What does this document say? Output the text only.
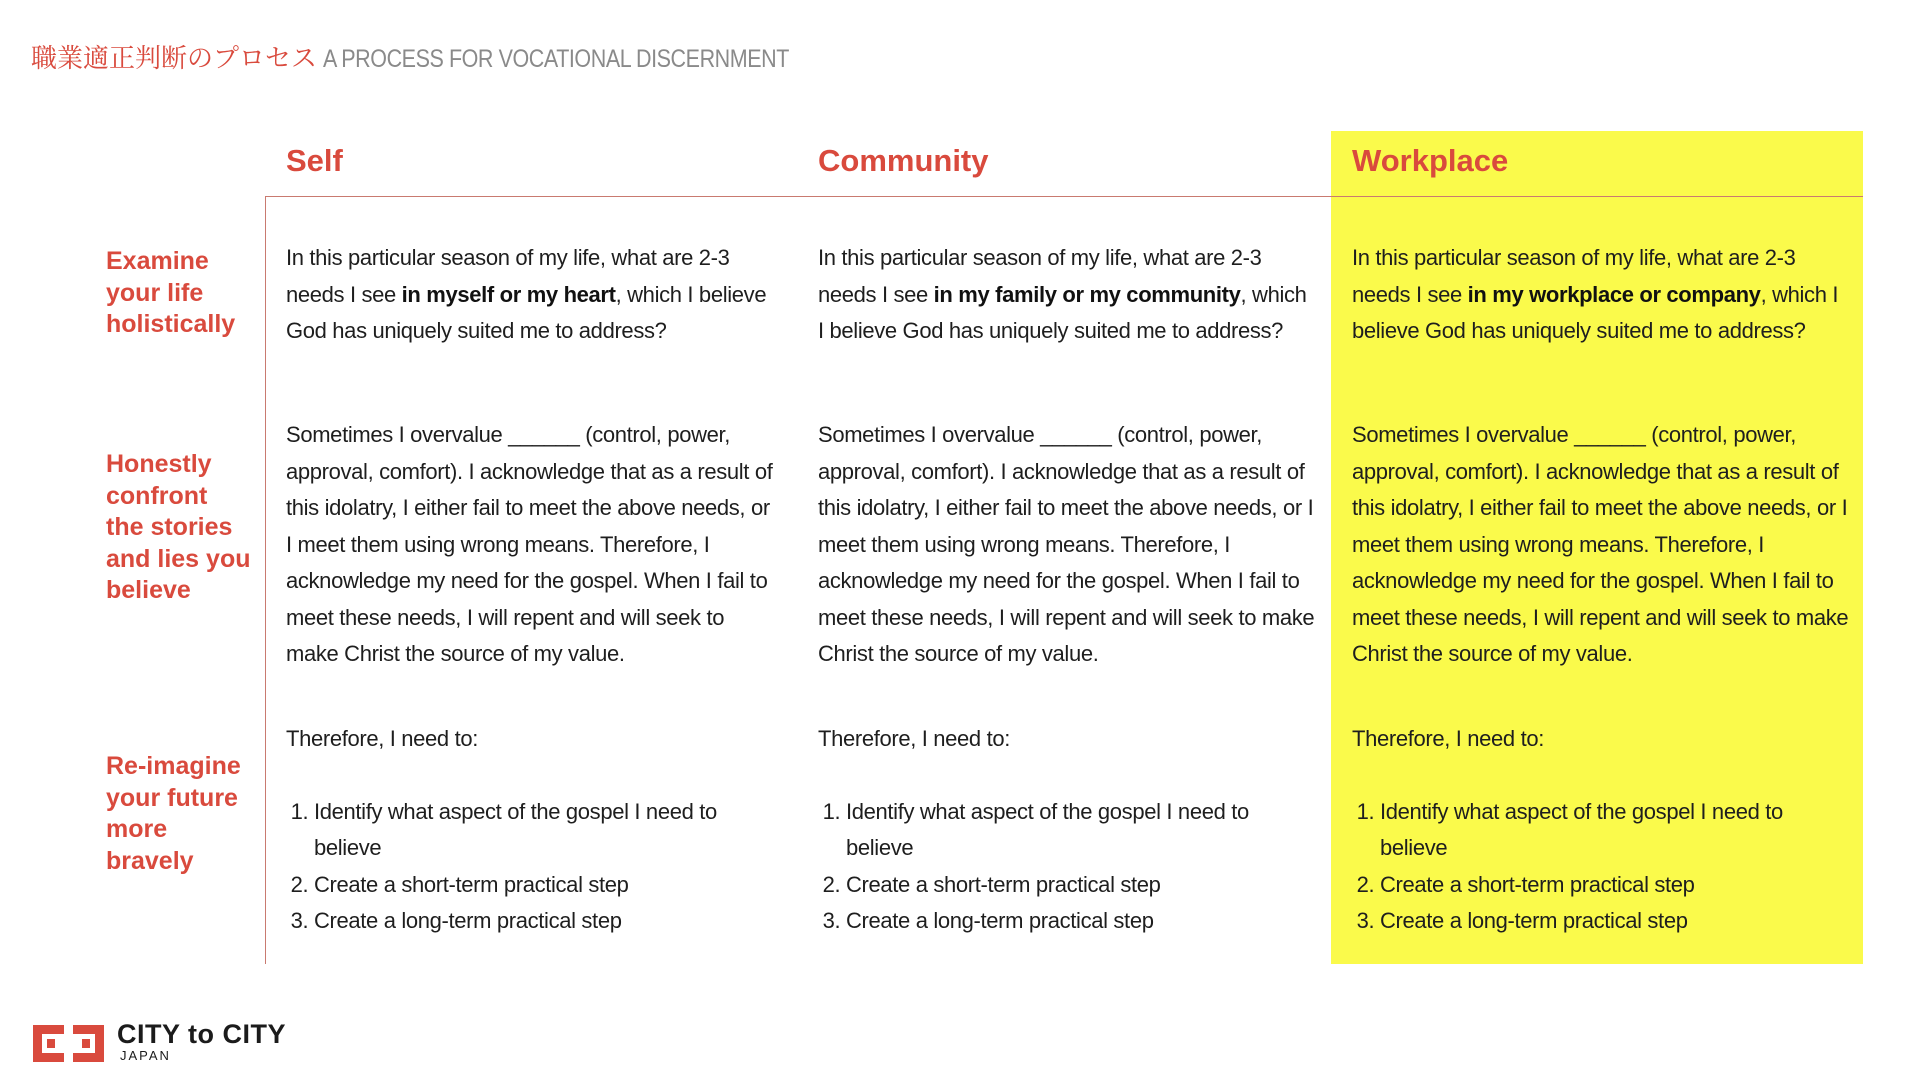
職業適正判断のプロセス A PROCESS FOR VOCATIONAL DISCERNMENT
Self	Community	Workplace
Examine your life holistically
Honestly confront the stories and lies you believe
Re-imagine your future more bravely
In this particular season of my life, what are 2-3 needs I see in myself or my heart, which I believe God has uniquely suited me to address?
In this particular season of my life, what are 2-3 needs I see in my family or my community, which I believe God has uniquely suited me to address?
In this particular season of my life, what are 2-3 needs I see in my workplace or company, which I believe God has uniquely suited me to address?
Sometimes I overvalue ______ (control, power, approval, comfort). I acknowledge that as a result of this idolatry, I either fail to meet the above needs, or I meet them using wrong means. Therefore, I acknowledge my need for the gospel. When I fail to meet these needs, I will repent and will seek to make Christ the source of my value.
Sometimes I overvalue ______ (control, power, approval, comfort). I acknowledge that as a result of this idolatry, I either fail to meet the above needs, or I meet them using wrong means. Therefore, I acknowledge my need for the gospel. When I fail to meet these needs, I will repent and will seek to make Christ the source of my value.
Sometimes I overvalue ______ (control, power, approval, comfort). I acknowledge that as a result of this idolatry, I either fail to meet the above needs, or I meet them using wrong means. Therefore, I acknowledge my need for the gospel. When I fail to meet these needs, I will repent and will seek to make Christ the source of my value.
Therefore, I need to:
1. Identify what aspect of the gospel I need to believe
2. Create a short-term practical step
3. Create a long-term practical step
Therefore, I need to:
1. Identify what aspect of the gospel I need to believe
2. Create a short-term practical step
3. Create a long-term practical step
Therefore, I need to:
1. Identify what aspect of the gospel I need to believe
2. Create a short-term practical step
3. Create a long-term practical step
CITY to CITY
JAPAN
